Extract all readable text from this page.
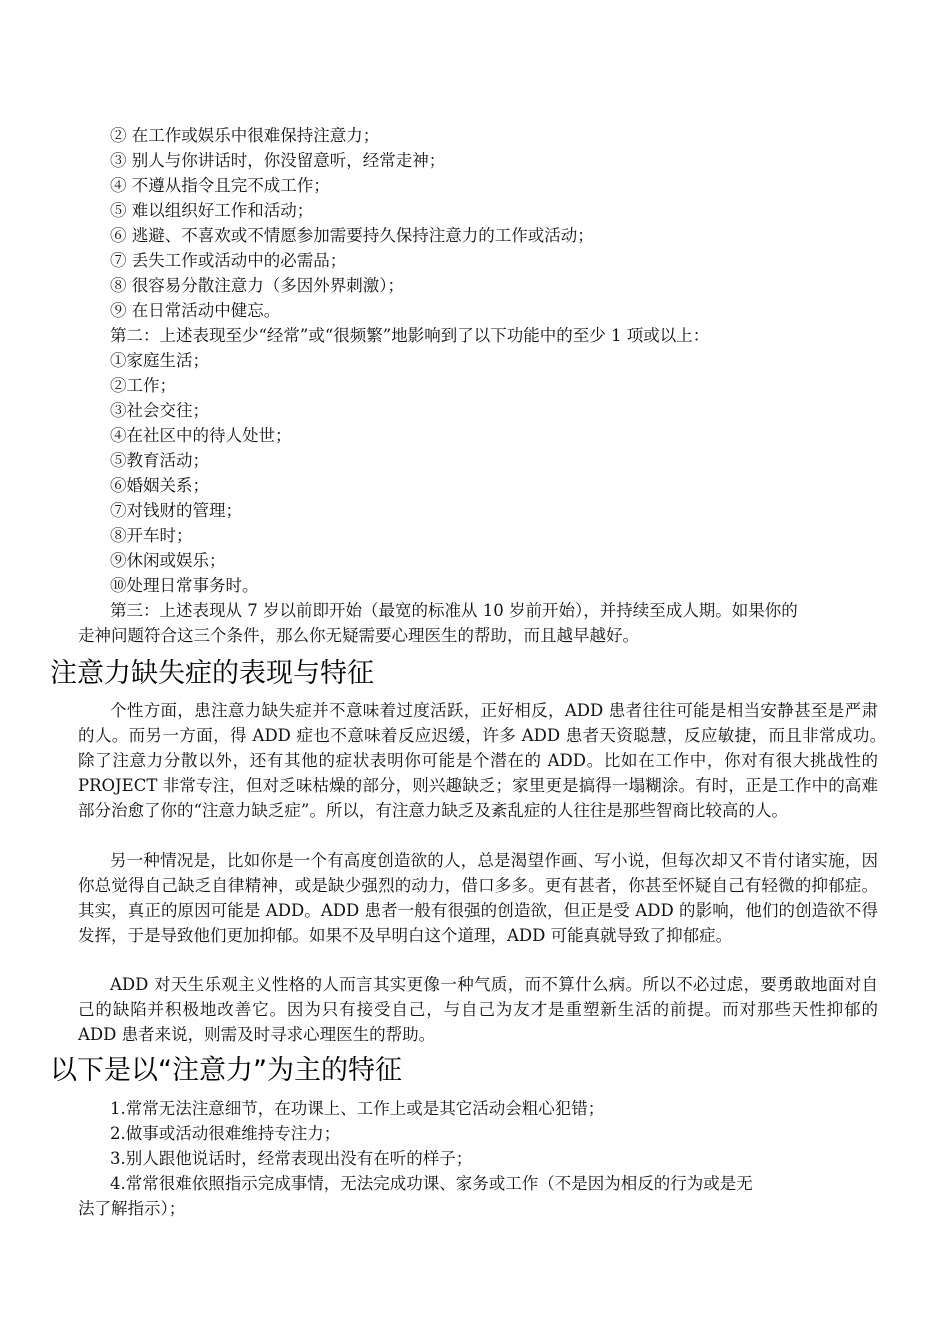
② 在工作或娱乐中很难保持注意力；
③ 别人与你讲话时，你没留意听，经常走神；
④ 不遵从指令且完不成工作；
⑤ 难以组织好工作和活动；
⑥ 逃避、不喜欢或不情愿参加需要持久保持注意力的工作或活动；
⑦ 丢失工作或活动中的必需品；
⑧ 很容易分散注意力（多因外界刺激）；
⑨ 在日常活动中健忘。
第二：上述表现至少“经常”或“很频繁”地影响到了以下功能中的至少 1 项或以上：
①家庭生活；
②工作；
③社会交往；
④在社区中的待人处世；
⑤教育活动；
⑥婚姻关系；
⑦对钱财的管理；
⑧开车时；
⑨休闲或娱乐；
⑩处理日常事务时。
第三：上述表现从 7 岁以前即开始（最宽的标准从 10 岁前开始），并持续至成人期。如果你的
走神问题符合这三个条件，那么你无疑需要心理医生的帮助，而且越早越好。
注意力缺失症的表现与特征
个性方面，患注意力缺失症并不意味着过度活跃，正好相反，ADD 患者往往可能是相当安静甚至是严肃的人。而另一方面，得 ADD 症也不意味着反应迟缓，许多 ADD 患者天资聪慧，反应敏捷，而且非常成功。　 除了注意力分散以外，还有其他的症状表明你可能是个潜在的 ADD。比如在工作中，你对有很大挑战性的 PROJECT 非常专注，但对乏味枯燥的部分，则兴趣缺乏；家里更是搞得一塌糊涂。有时，正是工作中的高难部分治愈了你的“注意力缺乏症”。所以，有注意力缺乏及紊乱症的人往往是那些智商比较高的人。
另一种情况是，比如你是一个有高度创造欲的人，总是渴望作画、写小说，但每次却又不肯付诸实施，因你总觉得自己缺乏自律精神，或是缺少强烈的动力，借口多多。更有甚者，你甚至怀疑自己有轻微的抑郁症。其实，真正的原因可能是 ADD。ADD 患者一般有很强的创造欲，但正是受 ADD 的影响，他们的创造欲不得发挥，于是导致他们更加抑郁。如果不及早明白这个道理，ADD 可能真就导致了抑郁症。
ADD 对天生乐观主义性格的人而言其实更像一种气质，而不算什么病。所以不必过虑，要勇敢地面对自己的缺陷并积极地改善它。因为只有接受自己，与自己为友才是重塑新生活的前提。而对那些天性抑郁的 ADD 患者来说，则需及时寻求心理医生的帮助。
以下是以“注意力”为主的特征
1.常常无法注意细节，在功课上、工作上或是其它活动会粗心犯错；
2.做事或活动很难维持专注力；
3.别人跟他说话时，经常表现出没有在听的样子；
4.常常很难依照指示完成事情，无法完成功课、家务或工作（不是因为相反的行为或是无
法了解指示）；
